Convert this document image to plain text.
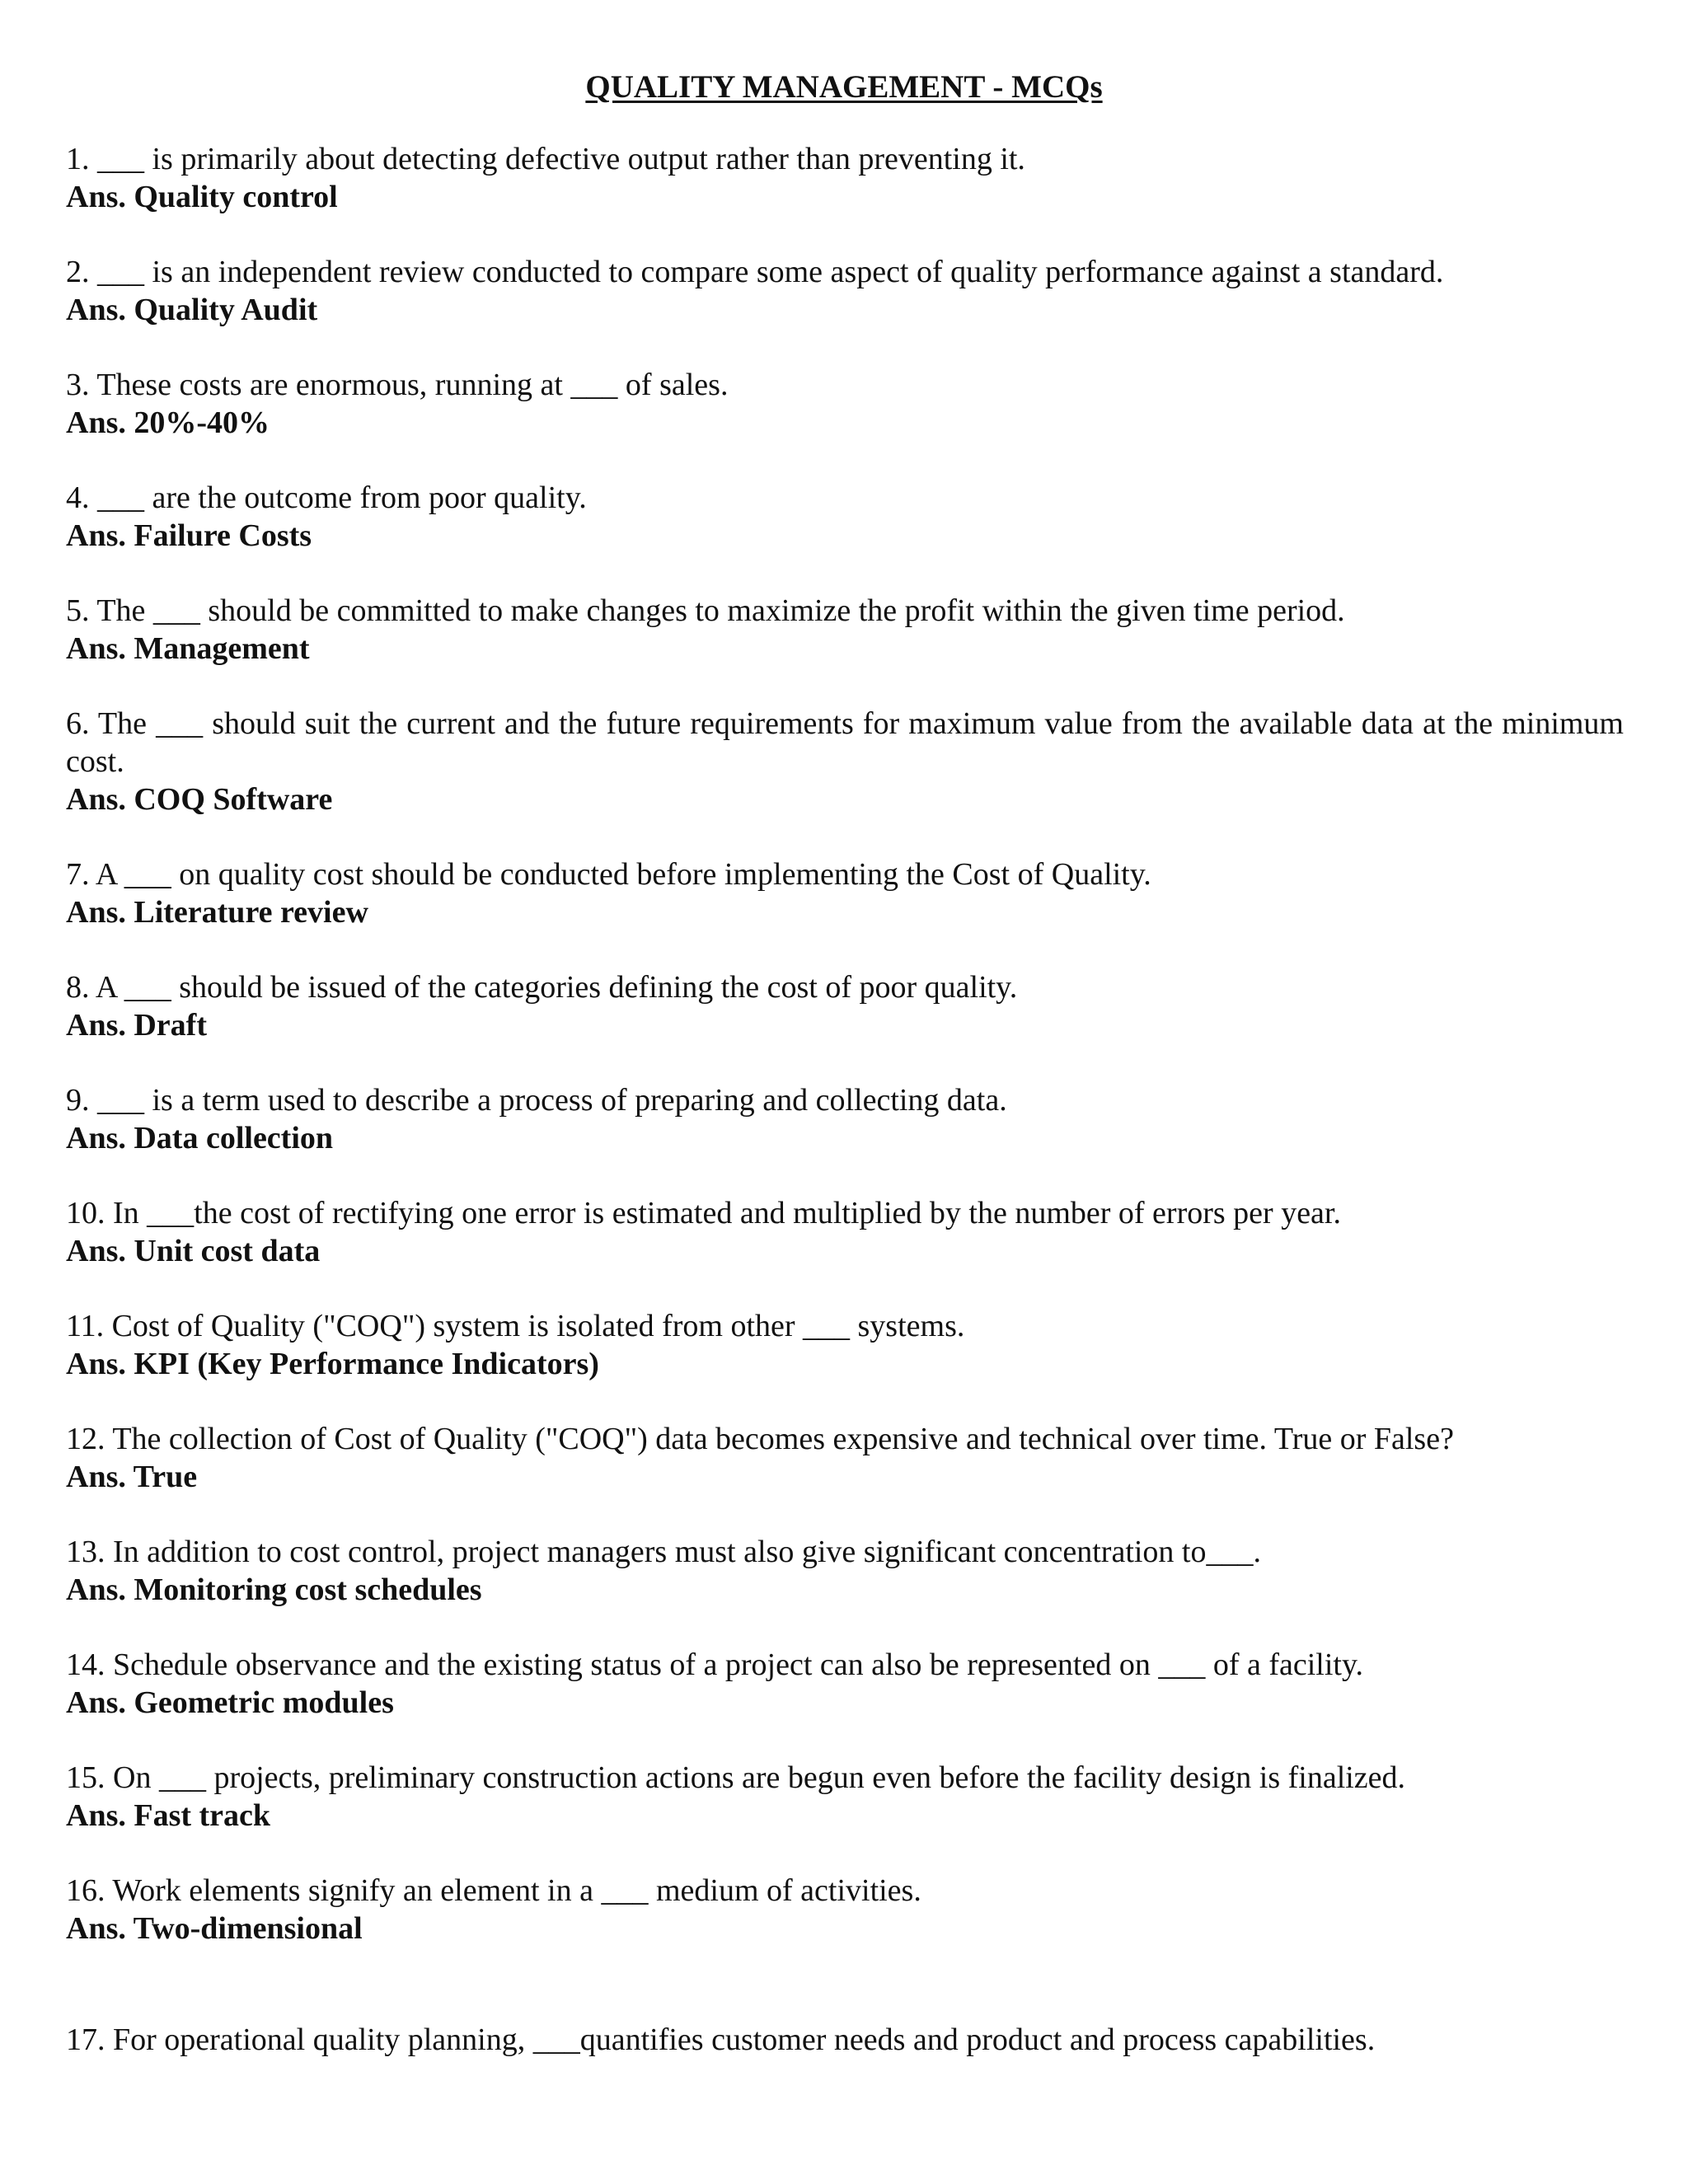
QUALITY MANAGEMENT - MCQs

1. ___ is primarily about detecting defective output rather than preventing it.

Ans. Quality control

2. ___ is an independent review conducted to compare some aspect of quality performance against a standard.

Ans. Quality Audit

3. These costs are enormous, running at ___ of sales.

Ans. 20%-40%

4. ___ are the outcome from poor quality.

Ans. Failure Costs

5. The ___ should be committed to make changes to maximize the profit within the given time period.

Ans. Management

6. The ___ should suit the current and the future requirements for maximum value from the available data at the minimum cost.

Ans. COQ Software

7. A ___ on quality cost should be conducted before implementing the Cost of Quality.

Ans. Literature review

8. A ___ should be issued of the categories defining the cost of poor quality.

Ans. Draft

9. ___ is a term used to describe a process of preparing and collecting data.

Ans. Data collection

10. In ___the cost of rectifying one error is estimated and multiplied by the number of errors per year.

Ans. Unit cost data

11. Cost of Quality ("COQ") system is isolated from other ___ systems.

Ans. KPI (Key Performance Indicators)

12. The collection of Cost of Quality ("COQ") data becomes expensive and technical over time. True or False?

Ans. True

13. In addition to cost control, project managers must also give significant concentration to___.

Ans. Monitoring cost schedules

14. Schedule observance and the existing status of a project can also be represented on ___ of a facility.

Ans. Geometric modules

15. On ___ projects, preliminary construction actions are begun even before the facility design is finalized.

Ans. Fast track

16. Work elements signify an element in a ___ medium of activities.

Ans. Two-dimensional

17. For operational quality planning, ___quantifies customer needs and product and process capabilities.
